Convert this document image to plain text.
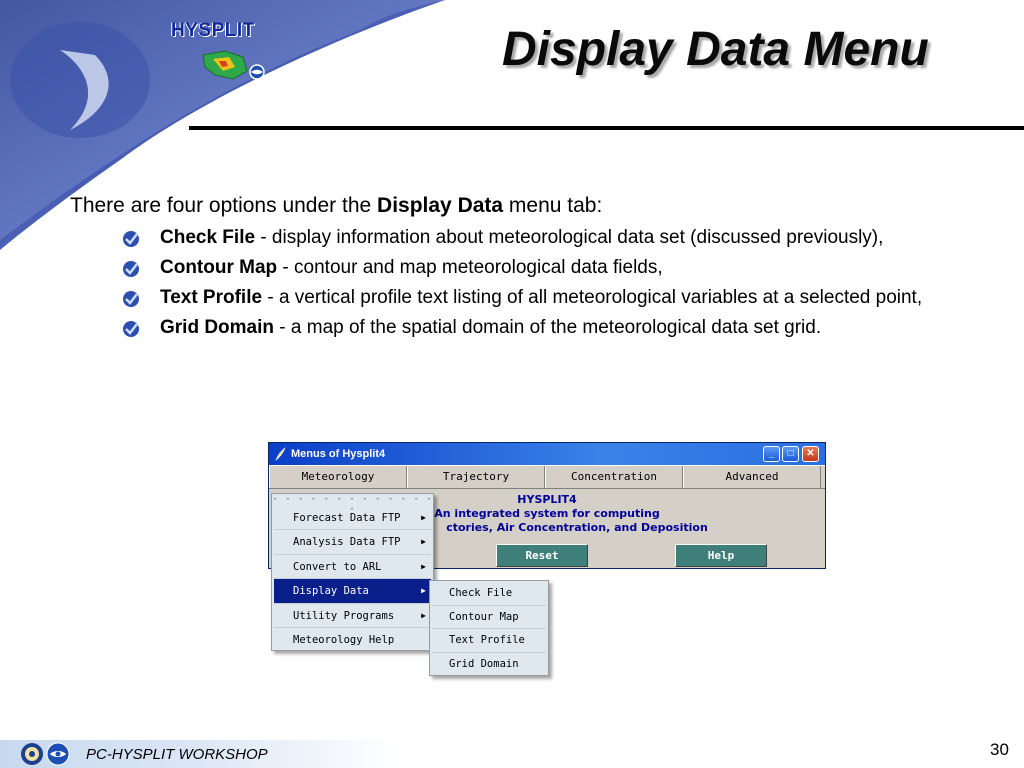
HYSPLIT	Display Data Menu

There are four options under the Display Data menu tab:

Check File - display information about meteorological data set (discussed previously),
Contour Map - contour and map meteorological data fields,
Text Profile - a vertical profile text listing of all meteorological variables at a selected point,
Grid Domain - a map of the spatial domain of the meteorological data set grid.
Menus of Hysplit4	_	□	✕
Meteorology	Trajectory	Concentration	Advanced
HYSPLIT4
An integrated system for computing
ctories, Air Concentration, and Deposition
Reset	Help
- - - - - - - - - - - - - -
Forecast Data FTP	▶
Analysis Data FTP	▶
Convert to ARL	▶
Display Data	▶
Utility Programs	▶
Meteorology Help
Check File
Contour Map
Text Profile
Grid Domain
PC-HYSPLIT WORKSHOP	30
